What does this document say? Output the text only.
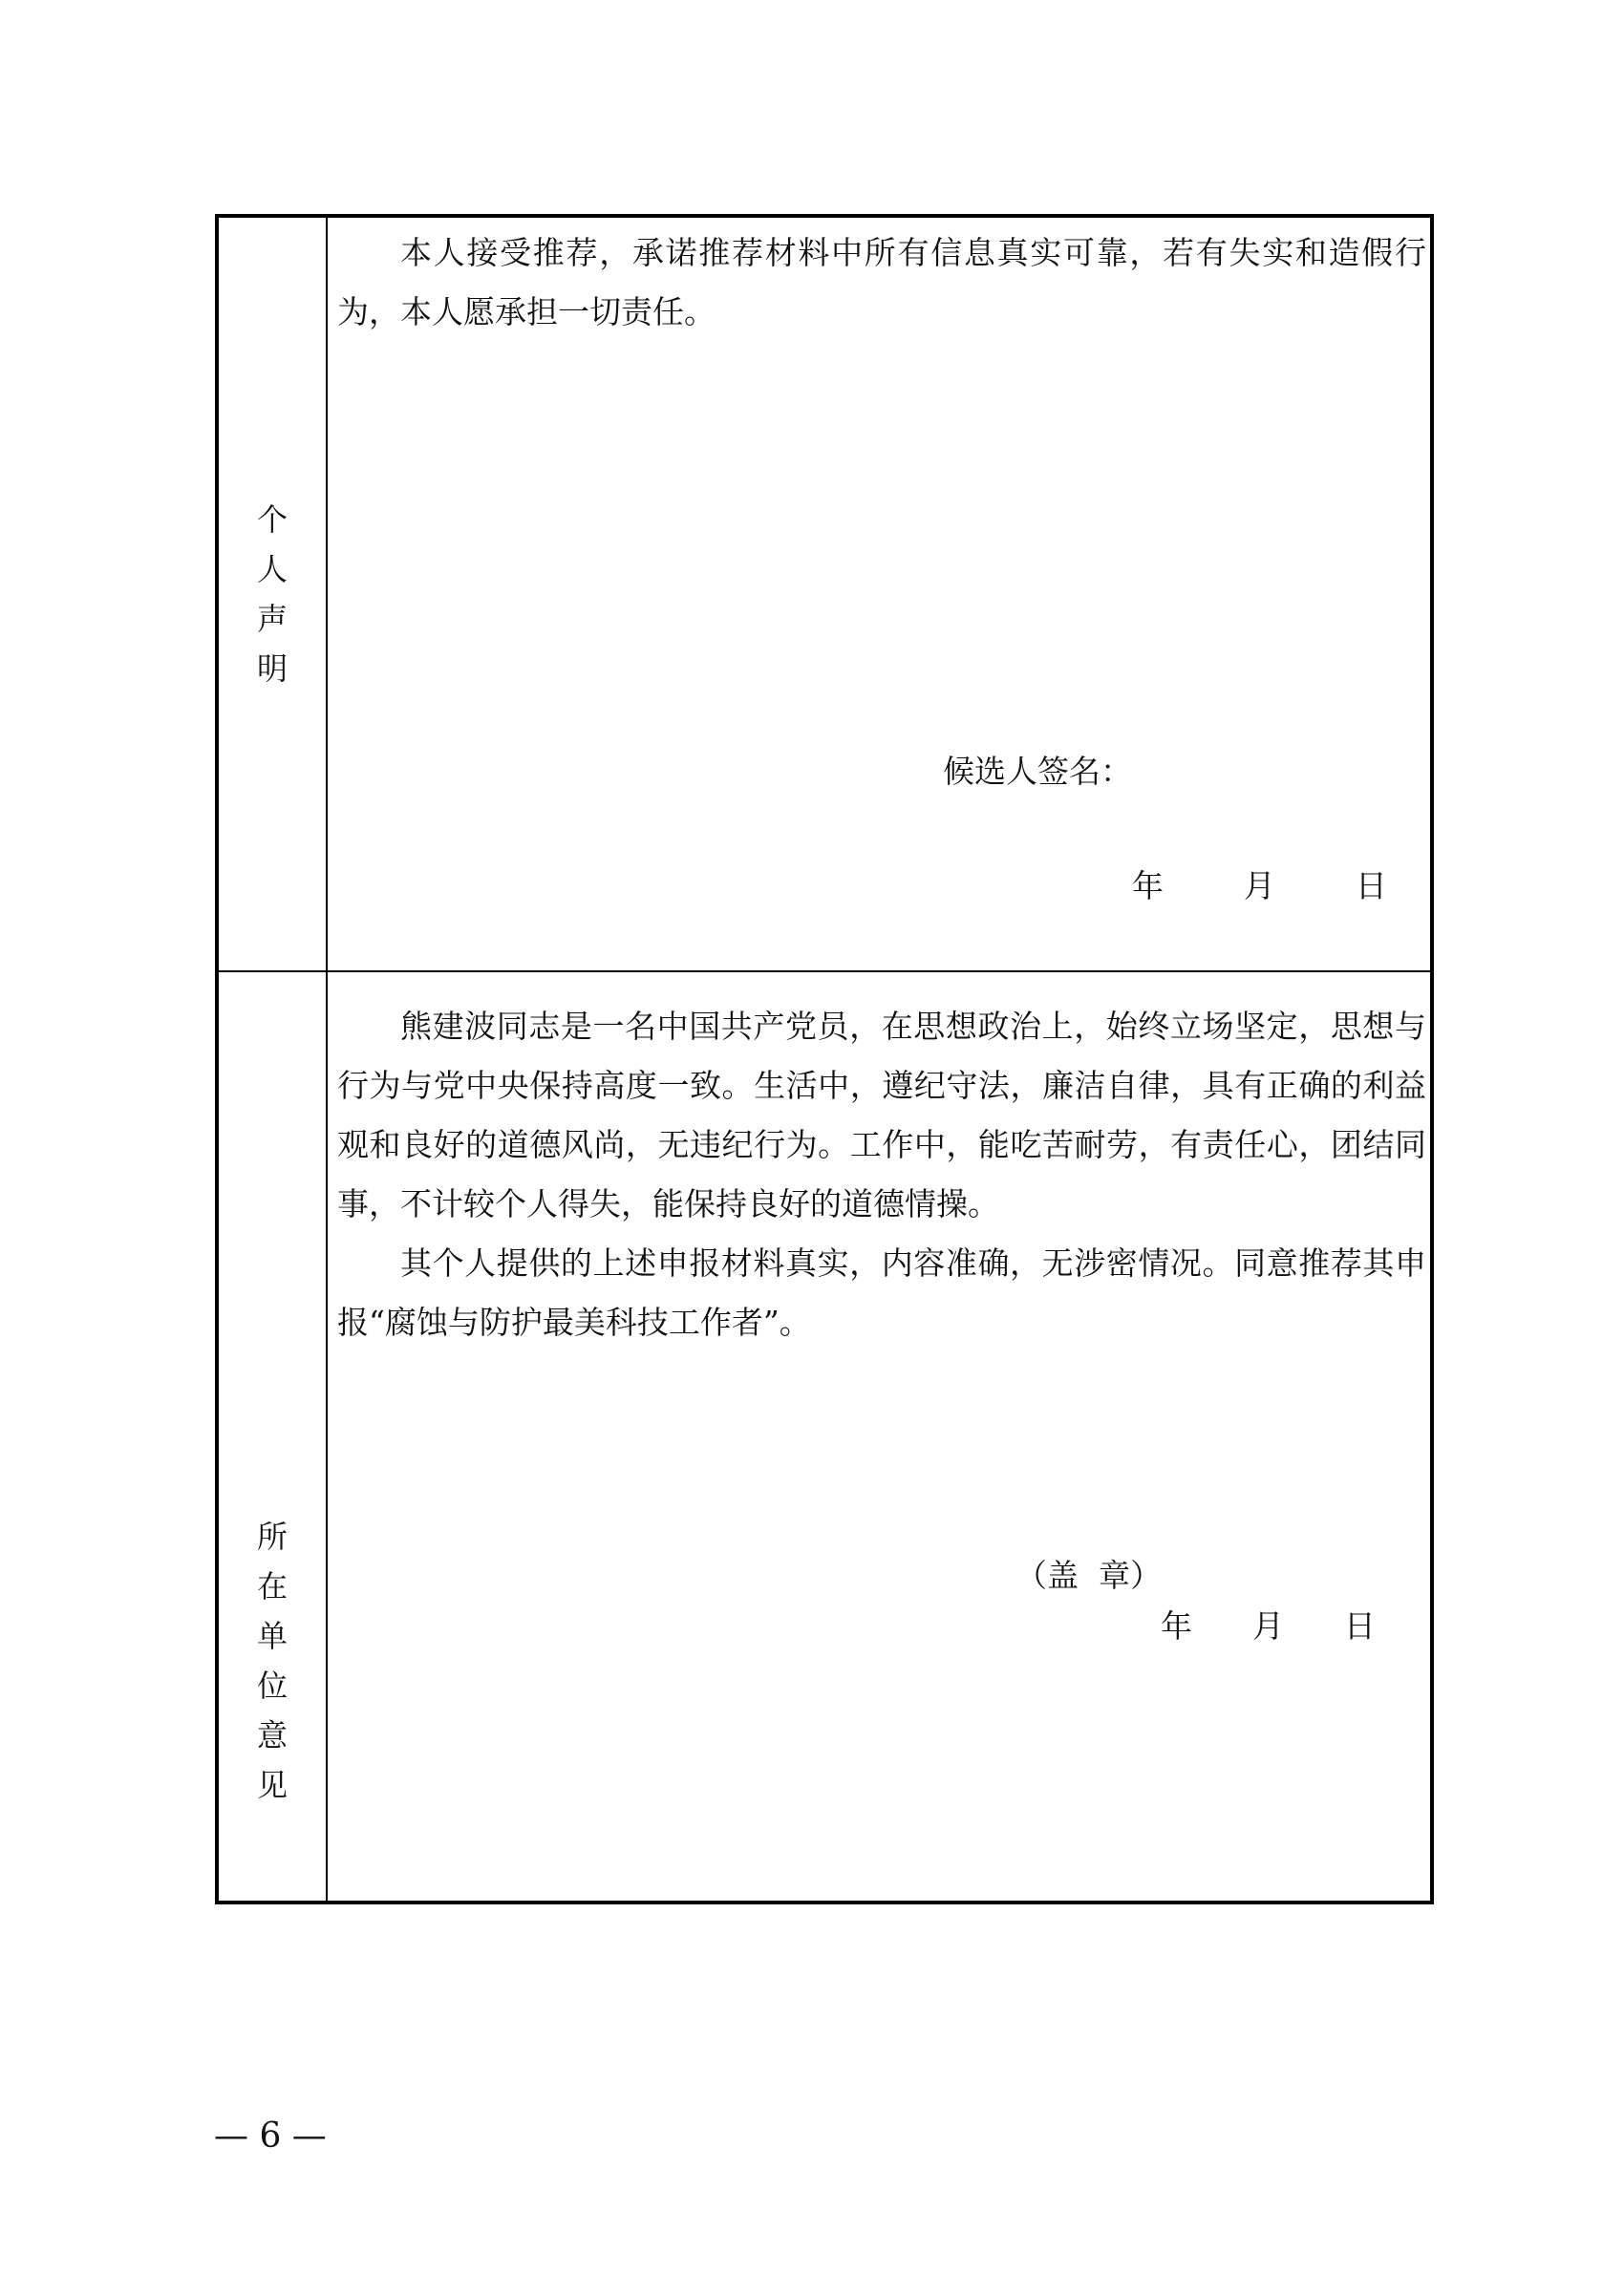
个
人
声
明

本人接受推荐，承诺推荐材料中所有信息真实可靠，若有失实和造假行为，本人愿承担一切责任。

候选人签名：
年        月        日
所
在
单
位
意
见

熊建波同志是一名中国共产党员，在思想政治上，始终立场坚定，思想与行为与党中央保持高度一致。生活中，遵纪守法，廉洁自律，具有正确的利益观和良好的道德风尚，无违纪行为。工作中，能吃苦耐劳，有责任心，团结同事，不计较个人得失，能保持良好的道德情操。

其个人提供的上述申报材料真实，内容准确，无涉密情况。同意推荐其申报“腐蚀与防护最美科技工作者”。

（盖  章）
年      月      日
— 6 —
